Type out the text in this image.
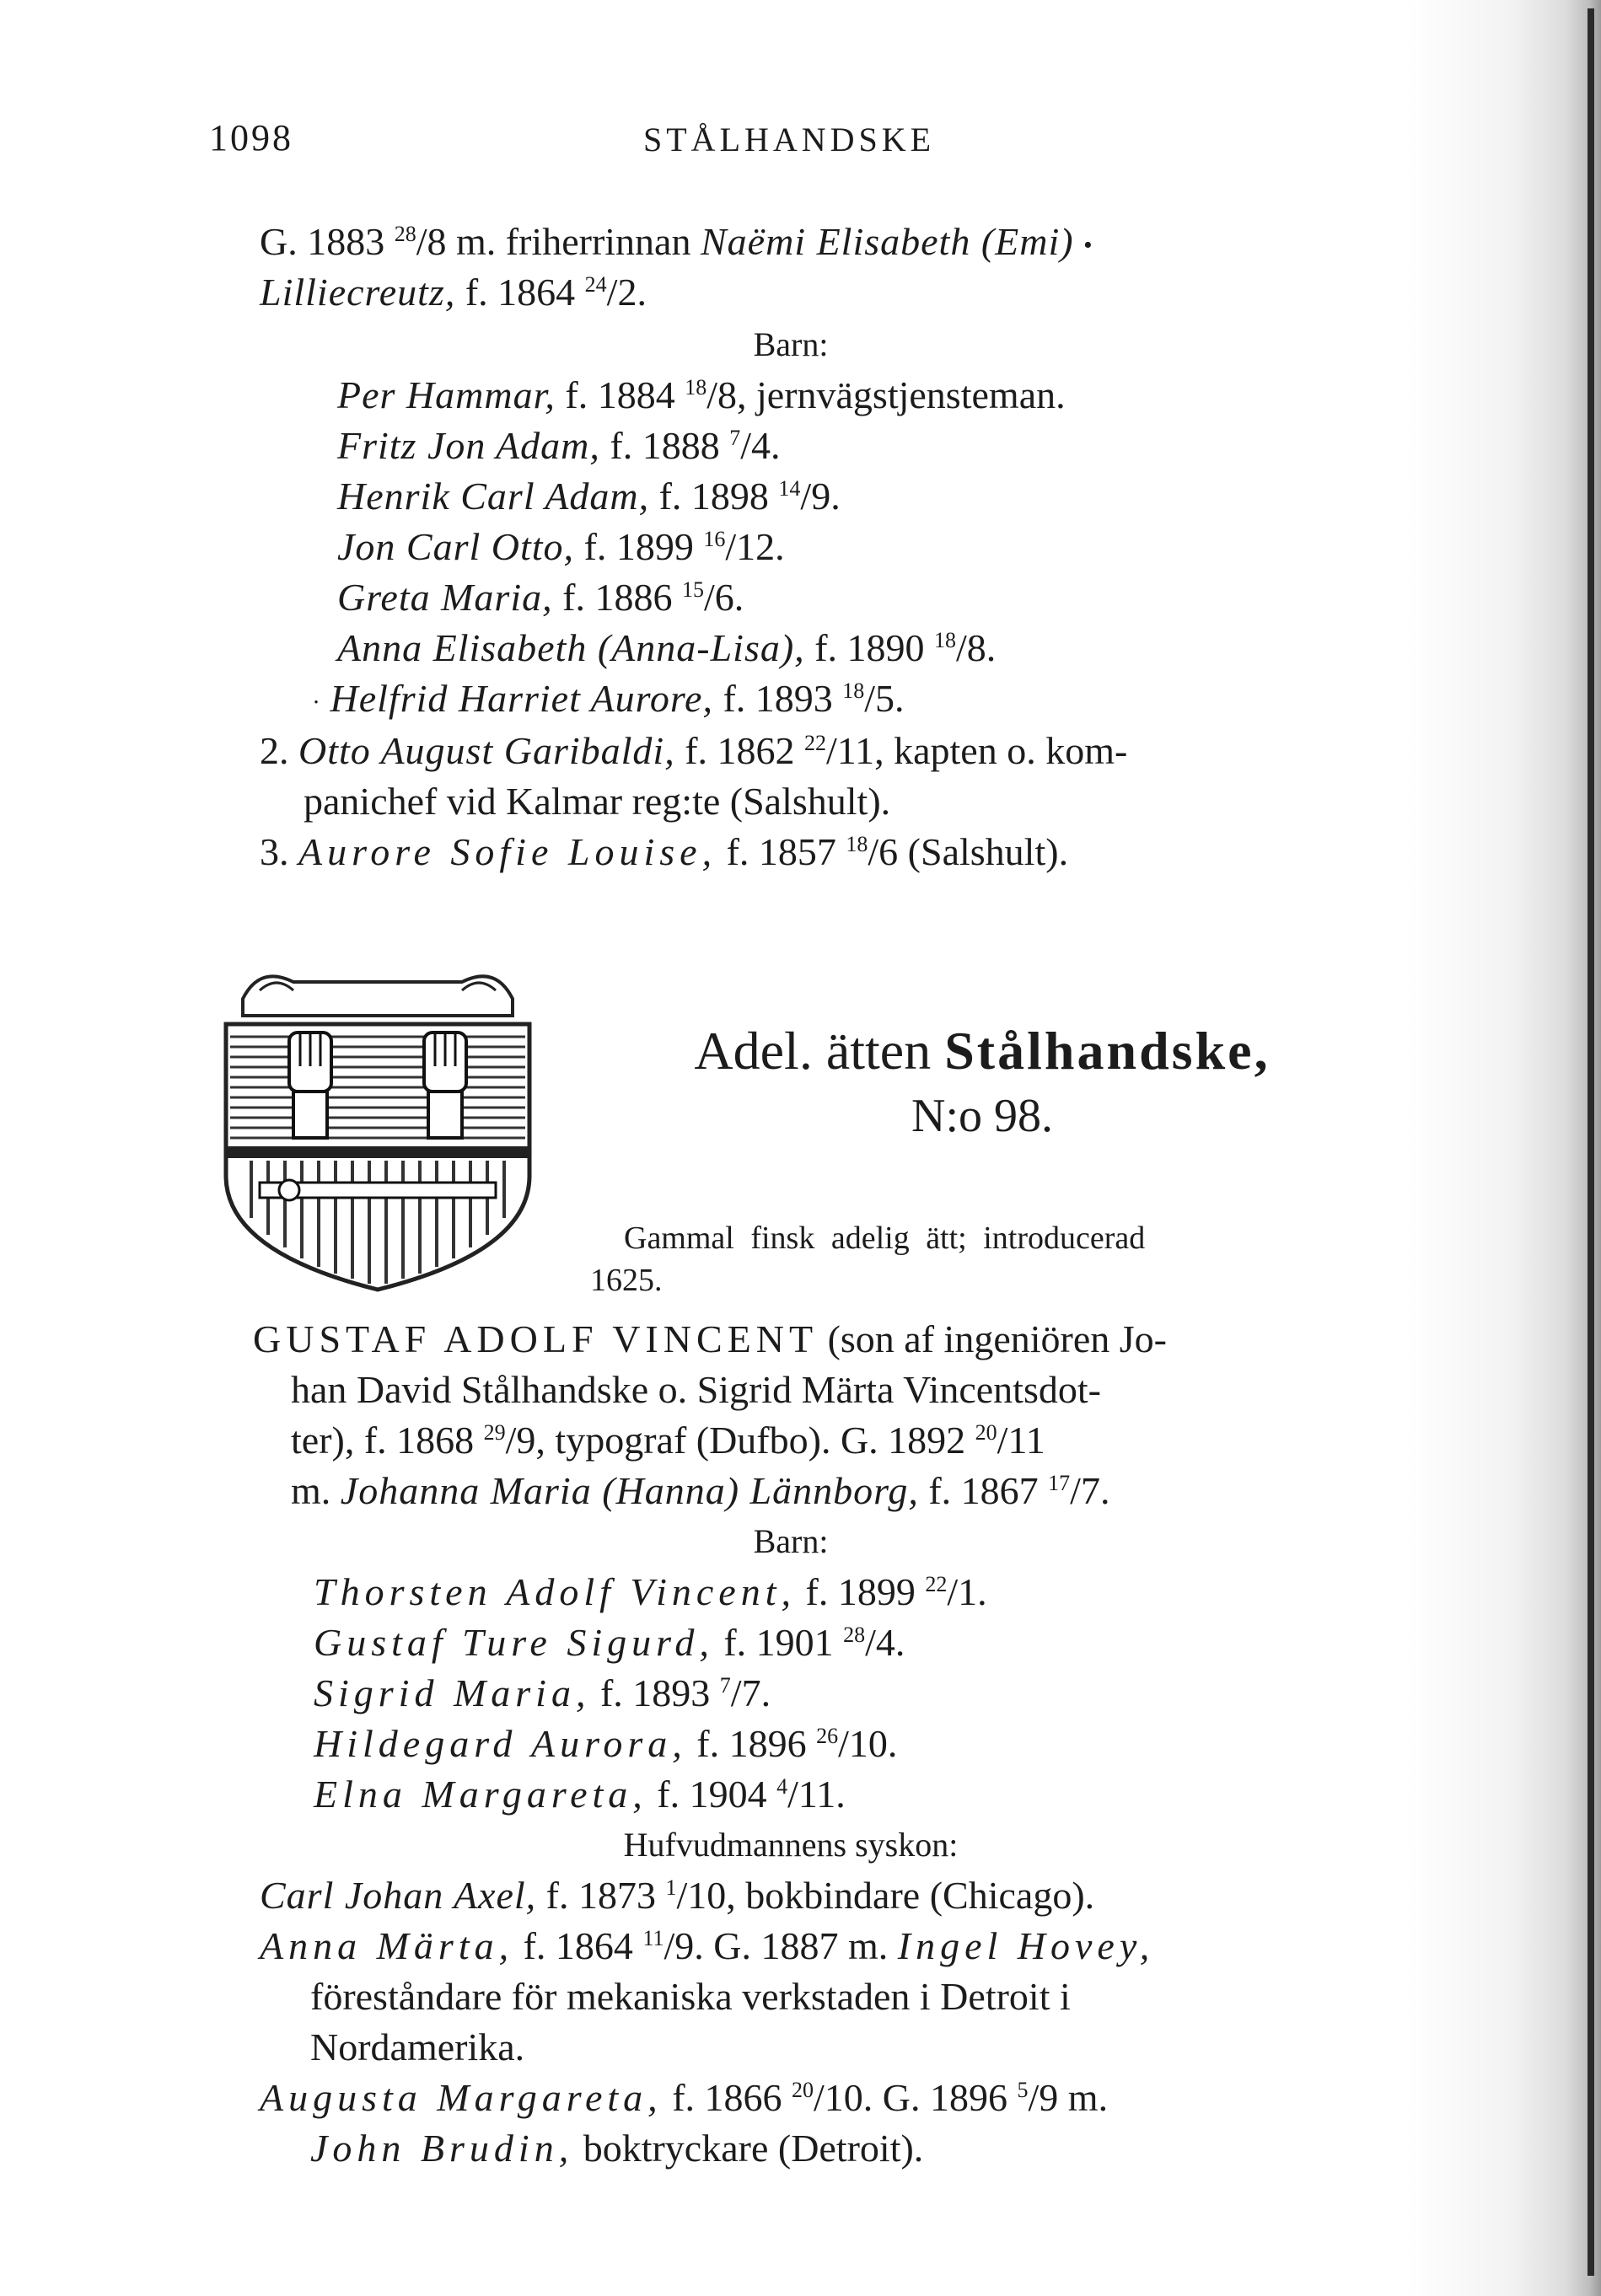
1098	STÅLHANDSKE
G. 1883 $^{28}$/8 m. friherrinnan Naëmi Elisabeth (Emi) •
Lilliecreutz, f. 1864 $^{24}$/2.
Barn:
Per Hammar, f. 1884 $^{18}$/8, jernvägstjensteman.
Fritz Jon Adam, f. 1888 $^7$/4.
Henrik Carl Adam, f. 1898 $^{14}$/9.
Jon Carl Otto, f. 1899 $^{16}$/12.
Greta Maria, f. 1886 $^{15}$/6.
Anna Elisabeth (Anna-Lisa), f. 1890 $^{18}$/8.
· Helfrid Harriet Aurore, f. 1893 $^{18}$/5.
2. Otto August Garibaldi, f. 1862 $^{22}$/11, kapten o. kom-
panichef vid Kalmar reg:te (Salshult).
3. Aurore Sofie Louise, f. 1857 $^{18}$/6 (Salshult).
Adel. ätten Stålhandske,
N:o 98.
Gammal finsk adelig ätt; introducerad
1625.
GUSTAF ADOLF VINCENT (son af ingeniören Jo-
han David Stålhandske o. Sigrid Märta Vincentsdot-
ter), f. 1868 $^{29}$/9, typograf (Dufbo). G. 1892 $^{20}$/11
m. Johanna Maria (Hanna) Lännborg, f. 1867 $^{17}$/7.
Barn:
Thorsten Adolf Vincent, f. 1899 $^{22}$/1.
Gustaf Ture Sigurd, f. 1901 $^{28}$/4.
Sigrid Maria, f. 1893 $^7$/7.
Hildegard Aurora, f. 1896 $^{26}$/10.
Elna Margareta, f. 1904 $^4$/11.
Hufvudmannens syskon:
Carl Johan Axel, f. 1873 $^1$/10, bokbindare (Chicago).
Anna Märta, f. 1864 $^{11}$/9. G. 1887 m. Ingel Hovey,
föreståndare för mekaniska verkstaden i Detroit i
Nordamerika.
Augusta Margareta, f. 1866 $^{20}$/10. G. 1896 $^5$/9 m.
John Brudin, boktryckare (Detroit).
